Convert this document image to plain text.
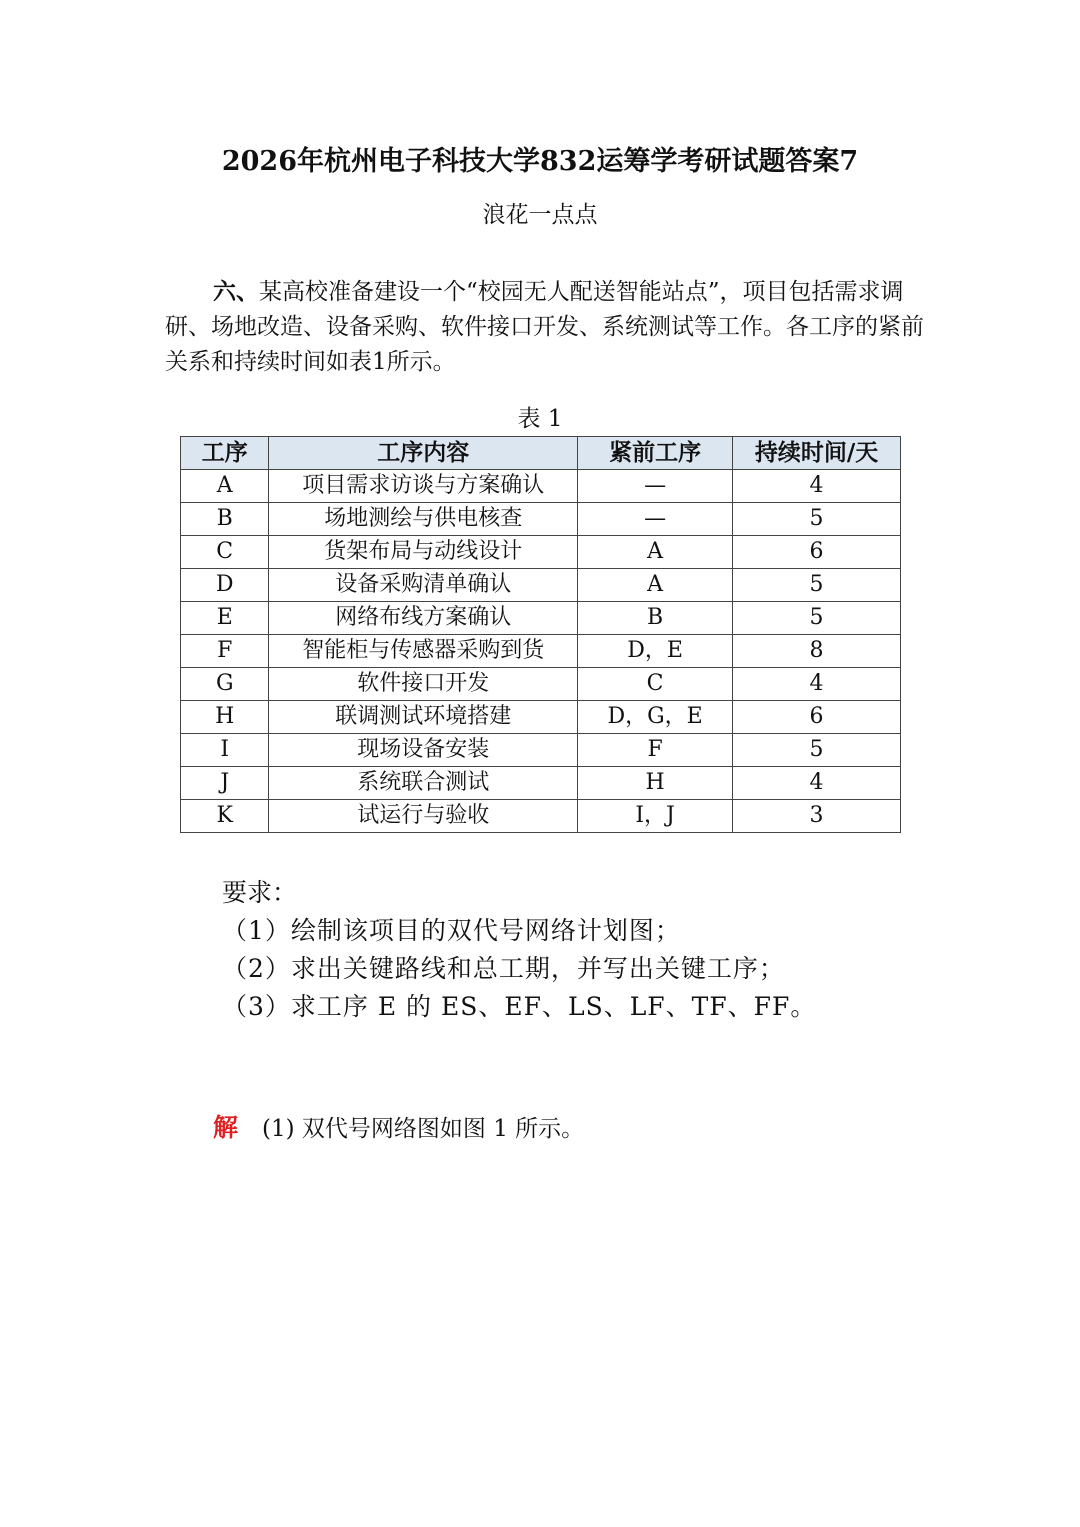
2026年杭州电子科技大学832运筹学考研试题答案7
浪花一点点

六、某高校准备建设一个“校园无人配送智能站点”，项目包括需求调研、场地改造、设备采购、软件接口开发、系统测试等工作。各工序的紧前关系和持续时间如表1所示。

表 1
工序	工序内容	紧前工序	持续时间/天
A	项目需求访谈与方案确认	—	4
B	场地测绘与供电核查	—	5
C	货架布局与动线设计	A	6
D	设备采购清单确认	A	5
E	网络布线方案确认	B	5
F	智能柜与传感器采购到货	D，E	8
G	软件接口开发	C	4
H	联调测试环境搭建	D，G，E	6
I	现场设备安装	F	5
J	系统联合测试	H	4
K	试运行与验收	I，J	3

要求：

（1）绘制该项目的双代号网络计划图；
（2）求出关键路线和总工期，并写出关键工序；
（3）求工序 E 的 ES、EF、LS、LF、TF、FF。
解 (1) 双代号网络图如图 1 所示。
